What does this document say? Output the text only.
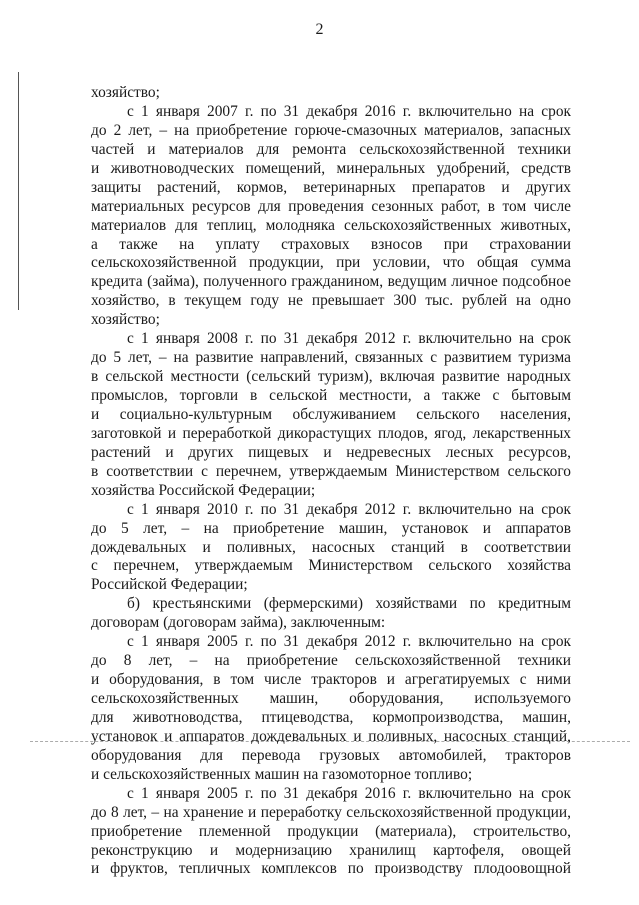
2
хозяйство;
с 1 января 2007 г. по 31 декабря 2016 г. включительно на срок
до 2 лет, – на приобретение горюче-смазочных материалов, запасных
частей и материалов для ремонта сельскохозяйственной техники
и животноводческих помещений, минеральных удобрений, средств
защиты растений, кормов, ветеринарных препаратов и других
материальных ресурсов для проведения сезонных работ, в том числе
материалов для теплиц, молодняка сельскохозяйственных животных,
а также на уплату страховых взносов при страховании
сельскохозяйственной продукции, при условии, что общая сумма
кредита (займа), полученного гражданином, ведущим личное подсобное
хозяйство, в текущем году не превышает 300 тыс. рублей на одно
хозяйство;
с 1 января 2008 г. по 31 декабря 2012 г. включительно на срок
до 5 лет, – на развитие направлений, связанных с развитием туризма
в сельской местности (сельский туризм), включая развитие народных
промыслов, торговли в сельской местности, а также с бытовым
и социально-культурным обслуживанием сельского населения,
заготовкой и переработкой дикорастущих плодов, ягод, лекарственных
растений и других пищевых и недревесных лесных ресурсов,
в соответствии с перечнем, утверждаемым Министерством сельского
хозяйства Российской Федерации;
с 1 января 2010 г. по 31 декабря 2012 г. включительно на срок
до 5 лет, – на приобретение машин, установок и аппаратов
дождевальных и поливных, насосных станций в соответствии
с перечнем, утверждаемым Министерством сельского хозяйства
Российской Федерации;
б) крестьянскими (фермерскими) хозяйствами по кредитным
договорам (договорам займа), заключенным:
с 1 января 2005 г. по 31 декабря 2012 г. включительно на срок
до 8 лет, – на приобретение сельскохозяйственной техники
и оборудования, в том числе тракторов и агрегатируемых с ними
сельскохозяйственных машин, оборудования, используемого
для животноводства, птицеводства, кормопроизводства, машин,
установок и аппаратов дождевальных и поливных, насосных станций,
оборудования для перевода грузовых автомобилей, тракторов
и сельскохозяйственных машин на газомоторное топливо;
с 1 января 2005 г. по 31 декабря 2016 г. включительно на срок
до 8 лет, – на хранение и переработку сельскохозяйственной продукции,
приобретение племенной продукции (материала), строительство,
реконструкцию и модернизацию хранилищ картофеля, овощей
и фруктов, тепличных комплексов по производству плодоовощной
